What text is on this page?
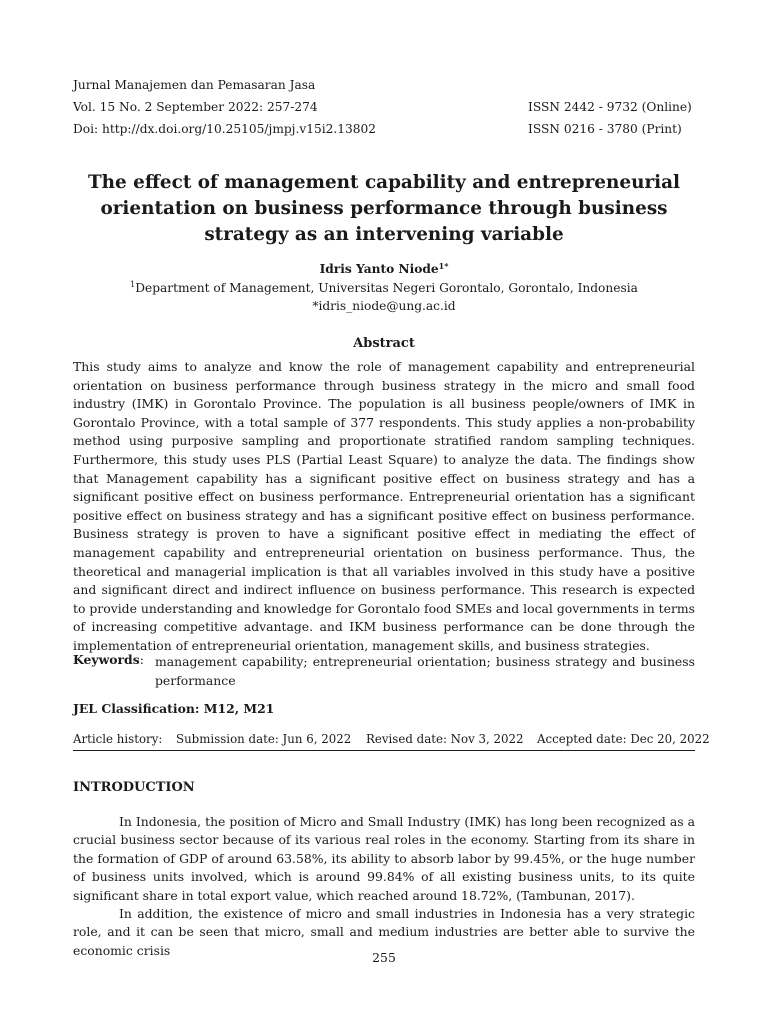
Jurnal Manajemen dan Pemasaran Jasa
Vol. 15 No. 2 September 2022: 257-274
Doi: http://dx.doi.org/10.25105/jmpj.v15i2.13802
ISSN 2442 - 9732 (Online)
ISSN 0216 - 3780 (Print)
The effect of management capability and entrepreneurial orientation on business performance through business strategy as an intervening variable
Idris Yanto Niode$^{1*}$
$^1$Department of Management, Universitas Negeri Gorontalo, Gorontalo, Indonesia
*idris_niode@ung.ac.id
Abstract
This study aims to analyze and know the role of management capability and entrepreneurial orientation on business performance through business strategy in the micro and small food industry (IMK) in Gorontalo Province. The population is all business people/owners of IMK in Gorontalo Province, with a total sample of 377 respondents. This study applies a non-probability method using purposive sampling and proportionate stratified random sampling techniques. Furthermore, this study uses PLS (Partial Least Square) to analyze the data. The findings show that Management capability has a significant positive effect on business strategy and has a significant positive effect on business performance. Entrepreneurial orientation has a significant positive effect on business strategy and has a significant positive effect on business performance. Business strategy is proven to have a significant positive effect in mediating the effect of management capability and entrepreneurial orientation on business performance. Thus, the theoretical and managerial implication is that all variables involved in this study have a positive and significant direct and indirect influence on business performance. This research is expected to provide understanding and knowledge for Gorontalo food SMEs and local governments in terms of increasing competitive advantage. and IKM business performance can be done through the implementation of entrepreneurial orientation, management skills, and business strategies.
Keywords: management capability; entrepreneurial orientation; business strategy and business performance
JEL Classification: M12, M21
Article history: Submission date: Jun 6, 2022 Revised date: Nov 3, 2022 Accepted date: Dec 20, 2022
INTRODUCTION
In Indonesia, the position of Micro and Small Industry (IMK) has long been recognized as a crucial business sector because of its various real roles in the economy. Starting from its share in the formation of GDP of around 63.58%, its ability to absorb labor by 99.45%, or the huge number of business units involved, which is around 99.84% of all existing business units, to its quite significant share in total export value, which reached around 18.72%, (Tambunan, 2017).
In addition, the existence of micro and small industries in Indonesia has a very strategic role, and it can be seen that micro, small and medium industries are better able to survive the economic crisis	255
